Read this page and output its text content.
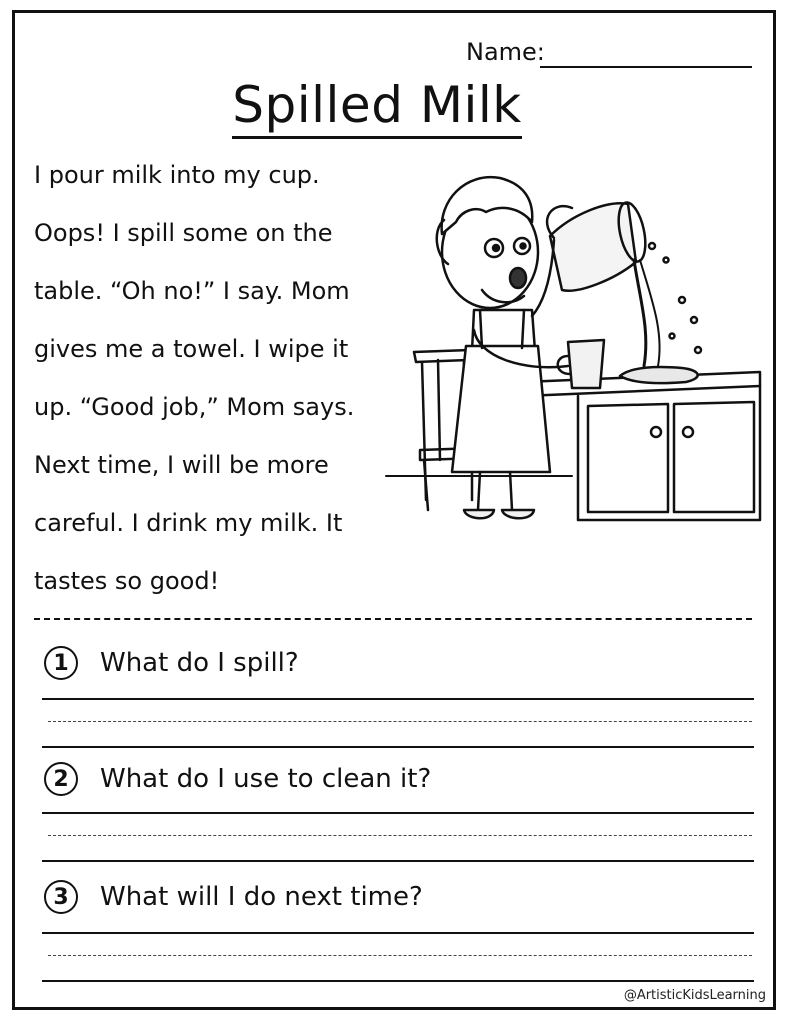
Name:
Spilled Milk
I pour milk into my cup.
Oops! I spill some on the
table. “Oh no!” I say. Mom
gives me a towel. I wipe it
up. “Good job,” Mom says.
Next time, I will be more
careful. I drink my milk. It
tastes so good!
1	What do I spill?
2	What do I use to clean it?
3	What will I do next time?
@ArtisticKidsLearning
